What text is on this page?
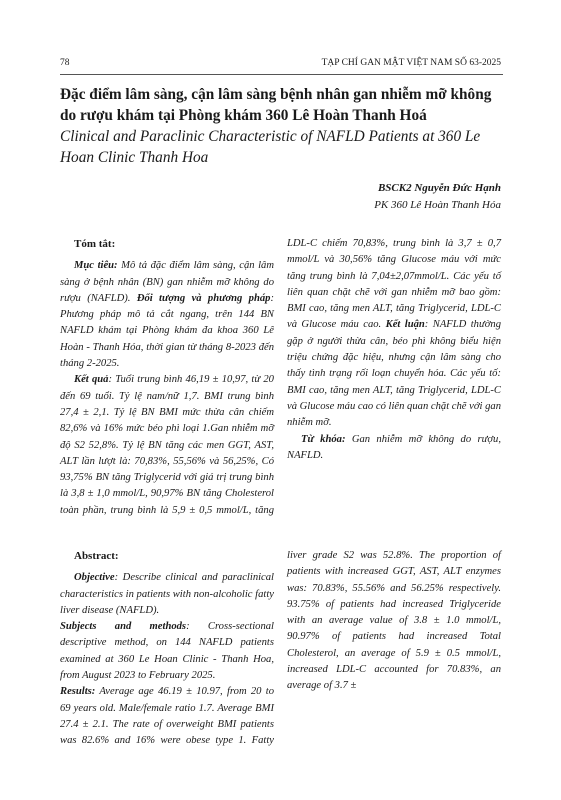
78	TẠP CHÍ GAN MẬT VIỆT NAM SỐ 63-2025
Đặc điểm lâm sàng, cận lâm sàng bệnh nhân gan nhiễm mỡ không do rượu khám tại Phòng khám 360 Lê Hoàn Thanh Hoá
Clinical and Paraclinic Characteristic of NAFLD Patients at 360 Le Hoan Clinic Thanh Hoa
BSCK2 Nguyễn Đức Hạnh
PK 360 Lê Hoàn Thanh Hóa
Tóm tắt:

Mục tiêu: Mô tả đặc điểm lâm sàng, cận lâm sàng ở bệnh nhân (BN) gan nhiễm mỡ không do rượu (NAFLD). Đối tượng và phương pháp: Phương pháp mô tả cắt ngang, trên 144 BN NAFLD khám tại Phòng khám đa khoa 360 Lê Hoàn - Thanh Hóa, thời gian từ tháng 8-2023 đến tháng 2-2025.

Kết quả: Tuổi trung bình 46,19 ± 10,97, từ 20 đến 69 tuổi. Tỷ lệ nam/nữ 1,7. BMI trung bình 27,4 ± 2,1. Tỷ lệ BN BMI mức thừa cân chiếm 82,6% và 16% mức béo phì loại 1.Gan nhiễm mỡ độ S2 52,8%. Tỷ lệ BN tăng các men GGT, AST, ALT lần lượt là: 70,83%, 55,56% và 56,25%, Có 93,75% BN tăng Triglycerid với giá trị trung bình là 3,8 ± 1,0 mmol/L, 90,97% BN tăng Cholesterol toàn phần, trung bình là 5,9 ± 0,5 mmol/L, tăng LDL-C chiếm 70,83%, trung bình là 3,7 ± 0,7 mmol/L và 30,56% tăng Glucose máu với mức tăng trung bình là 7,04±2,07mmol/L. Các yếu tố liên quan chặt chẽ với gan nhiễm mỡ bao gồm: BMI cao, tăng men ALT, tăng Triglycerid, LDL-C và Glucose máu cao. Kết luận: NAFLD thường gặp ở người thừa cân, béo phì không biểu hiện triệu chứng đặc hiệu, nhưng cận lâm sàng cho thấy tình trạng rối loạn chuyển hóa. Các yếu tố: BMI cao, tăng men ALT, tăng Triglycerid, LDL-C và Glucose máu cao có liên quan chặt chẽ với gan nhiễm mỡ.

Từ khóa: Gan nhiễm mỡ không do rượu, NAFLD.

Abstract:

Objective: Describe clinical and paraclinical characteristics in patients with non-alcoholic fatty liver disease (NAFLD).

Subjects and methods: Cross-sectional descriptive method, on 144 NAFLD patients examined at 360 Le Hoan Clinic - Thanh Hoa, from August 2023 to February 2025.

Results: Average age 46.19 ± 10.97, from 20 to 69 years old. Male/female ratio 1.7. Average BMI 27.4 ± 2.1. The rate of overweight BMI patients was 82.6% and 16% were obese type 1. Fatty liver grade S2 was 52.8%. The proportion of patients with increased GGT, AST, ALT enzymes was: 70.83%, 55.56% and 56.25% respectively. 93.75% of patients had increased Triglyceride with an average value of 3.8 ± 1.0 mmol/L, 90.97% of patients had increased Total Cholesterol, an average of 5.9 ± 0.5 mmol/L, increased LDL-C accounted for 70.83%, an average of 3.7 ±
